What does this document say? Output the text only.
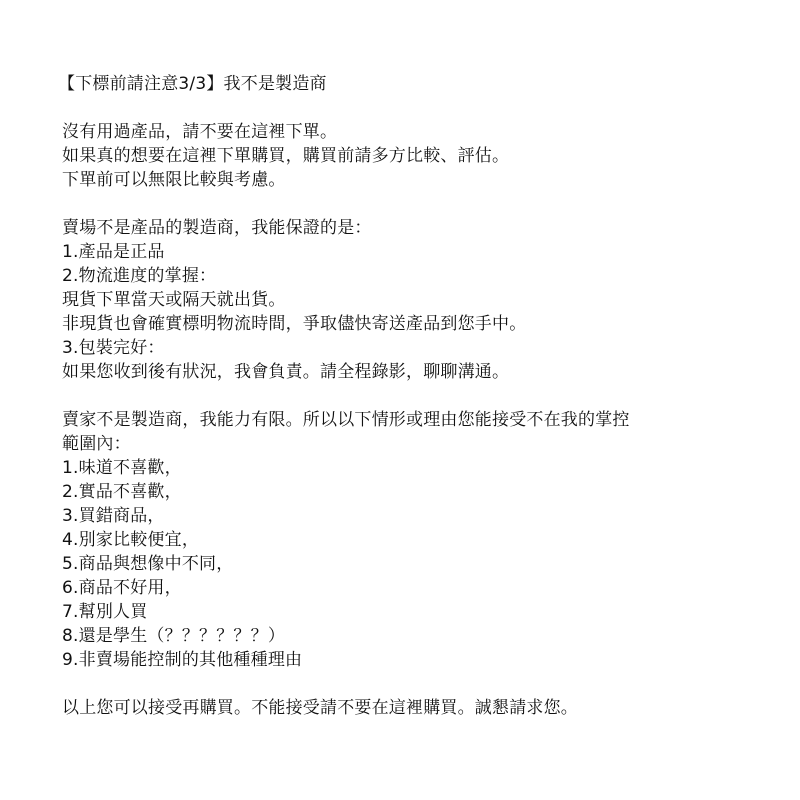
【下標前請注意3/3】我不是製造商
沒有用過產品，請不要在這裡下單。
如果真的想要在這裡下單購買，購買前請多方比較、評估。
下單前可以無限比較與考慮。
賣場不是產品的製造商，我能保證的是：
1.產品是正品
2.物流進度的掌握：
現貨下單當天或隔天就出貨。
非現貨也會確實標明物流時間，爭取儘快寄送產品到您手中。
3.包裝完好：
如果您收到後有狀況，我會負責。請全程錄影，聊聊溝通。
賣家不是製造商，我能力有限。所以以下情形或理由您能接受不在我的掌控
範圍內：
1.味道不喜歡，
2.實品不喜歡，
3.買錯商品，
4.別家比較便宜，
5.商品與想像中不同，
6.商品不好用，
7.幫別人買
8.還是學生（？？？？？？）
9.非賣場能控制的其他種種理由
以上您可以接受再購買。不能接受請不要在這裡購買。誠懇請求您。
